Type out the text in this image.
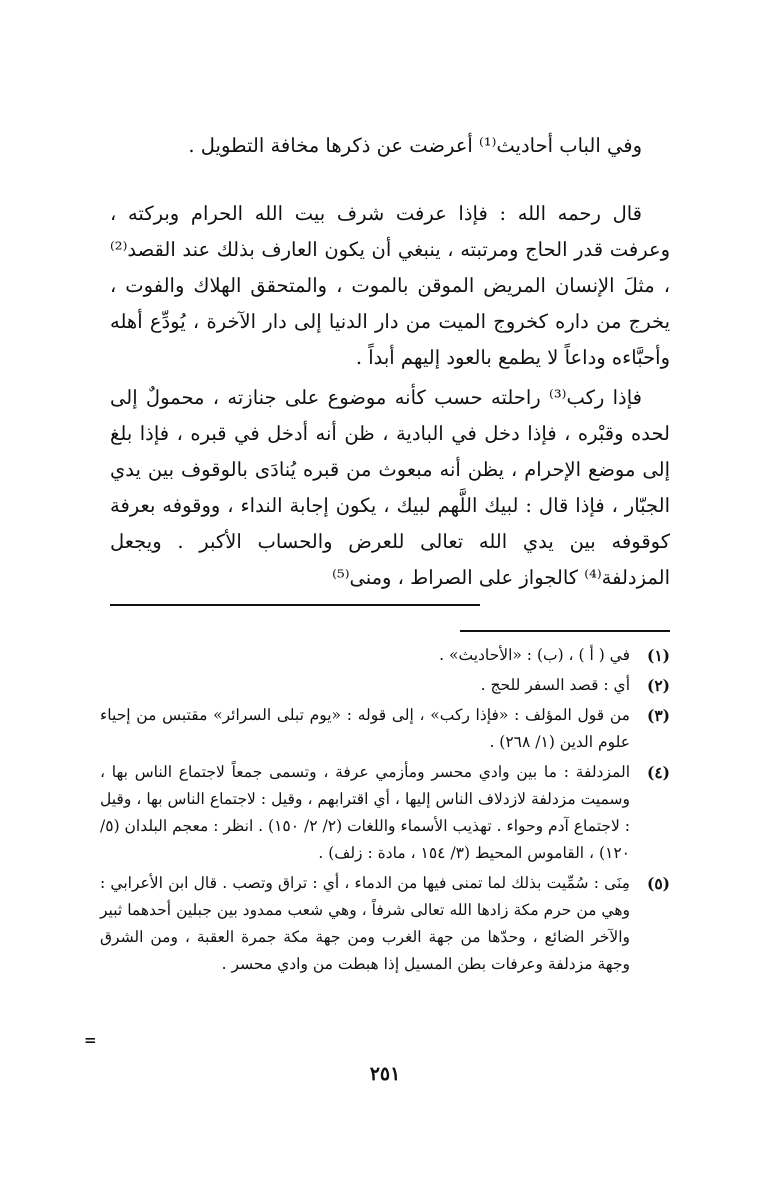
وفي الباب أحاديث⁽¹⁾ أعرضت عن ذكرها مخافة التطويل .

قال رحمه الله : فإذا عرفت شرف بيت الله الحرام وبركته ، وعرفت قدر الحاج ومرتبته ، ينبغي أن يكون العارف بذلك عند القصد⁽²⁾ ، مثلَ الإنسان المريض الموقن بالموت ، والمتحقق الهلاك والفوت ، يخرج من داره كخروج الميت من دار الدنيا إلى دار الآخرة ، يُودِّع أهله وأحبَّاءه وداعاً لا يطمع بالعود إليهم أبداً .

فإذا ركب⁽³⁾ راحلته حسب كأنه موضوع على جنازته ، محمولٌ إلى لحده وقبْره ، فإذا دخل في البادية ، ظن أنه أدخل في قبره ، فإذا بلغ إلى موضع الإحرام ، يظن أنه مبعوث من قبره يُنادَى بالوقوف بين يدي الجبّار ، فإذا قال : لبيك اللَّهم لبيك ، يكون إجابة النداء ، ووقوفه بعرفة كوقوفه بين يدي الله تعالى للعرض والحساب الأكبر . ويجعل المزدلفة⁽⁴⁾ كالجواز على الصراط ، ومنى⁽⁵⁾

(١)
في ( أ ) ، (ب) : «الأحاديث» .
(٢)
أي : قصد السفر للحج .
(٣)
من قول المؤلف : «فإذا ركب» ، إلى قوله : «يوم تبلى السرائر» مقتبس من إحياء علوم الدين (١/ ٢٦٨) .
(٤)
المزدلفة : ما بين وادي محسر ومأزمي عرفة ، وتسمى جمعاً لاجتماع الناس بها ، وسميت مزدلفة لازدلاف الناس إليها ، أي اقترابهم ، وقيل : لاجتماع الناس بها ، وقيل : لاجتماع آدم وحواء . تهذيب الأسماء واللغات (٢/ ٢/ ١٥٠) . انظر : معجم البلدان (٥/ ١٢٠) ، القاموس المحيط (٣/ ١٥٤ ، مادة : زلف) .
(٥)
مِنَى : سُمِّيت بذلك لما تمنى فيها من الدماء ، أي : تراق وتصب . قال ابن الأعرابي : وهي من حرم مكة زادها الله تعالى شرفاً ، وهي شعب ممدود بين جبلين أحدهما ثبير والآخر الضائع ، وحدّها من جهة الغرب ومن جهة مكة جمرة العقبة ، ومن الشرق وجهة مزدلفة وعرفات بطن المسيل إذا هبطت من وادي محسر .
=
٢٥١
